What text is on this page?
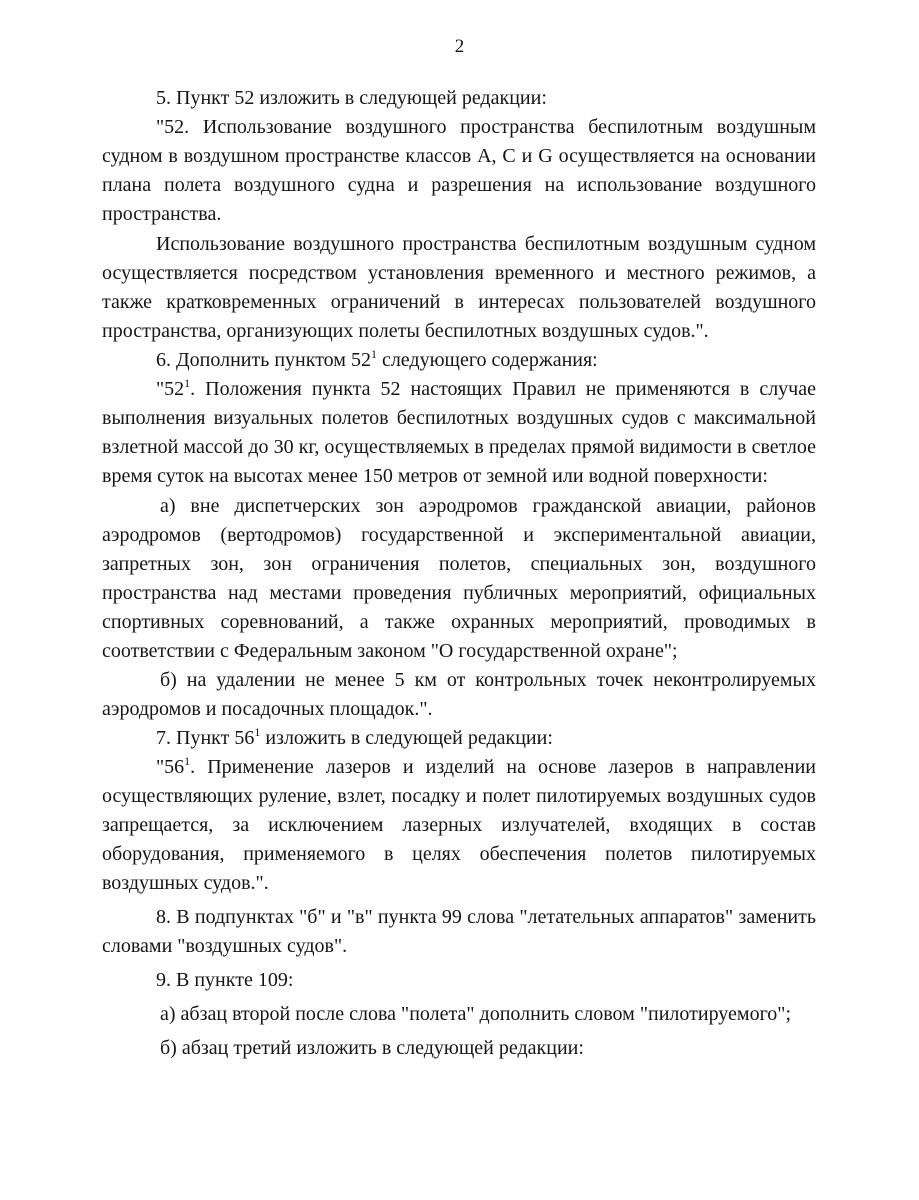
2

5. Пункт 52 изложить в следующей редакции:

"52. Использование воздушного пространства беспилотным воздушным судном в воздушном пространстве классов A, C и G осуществляется на основании плана полета воздушного судна и разрешения на использование воздушного пространства.

Использование воздушного пространства беспилотным воздушным судном осуществляется посредством установления временного и местного режимов, а также кратковременных ограничений в интересах пользователей воздушного пространства, организующих полеты беспилотных воздушных судов.".

6. Дополнить пунктом $52^1$ следующего содержания:

"$52^1$. Положения пункта 52 настоящих Правил не применяются в случае выполнения визуальных полетов беспилотных воздушных судов с максимальной взлетной массой до 30 кг, осуществляемых в пределах прямой видимости в светлое время суток на высотах менее 150 метров от земной или водной поверхности:

а) вне диспетчерских зон аэродромов гражданской авиации, районов аэродромов (вертодромов) государственной и экспериментальной авиации, запретных зон, зон ограничения полетов, специальных зон, воздушного пространства над местами проведения публичных мероприятий, официальных спортивных соревнований, а также охранных мероприятий, проводимых в соответствии с Федеральным законом "О государственной охране";

б) на удалении не менее 5 км от контрольных точек неконтролируемых аэродромов и посадочных площадок.".

7. Пункт $56^1$ изложить в следующей редакции:

"$56^1$. Применение лазеров и изделий на основе лазеров в направлении осуществляющих руление, взлет, посадку и полет пилотируемых воздушных судов запрещается, за исключением лазерных излучателей, входящих в состав оборудования, применяемого в целях обеспечения полетов пилотируемых воздушных судов.".

8. В подпунктах "б" и "в" пункта 99 слова "летательных аппаратов" заменить словами "воздушных судов".

9. В пункте 109:

а) абзац второй после слова "полета" дополнить словом "пилотируемого";

б) абзац третий изложить в следующей редакции:
